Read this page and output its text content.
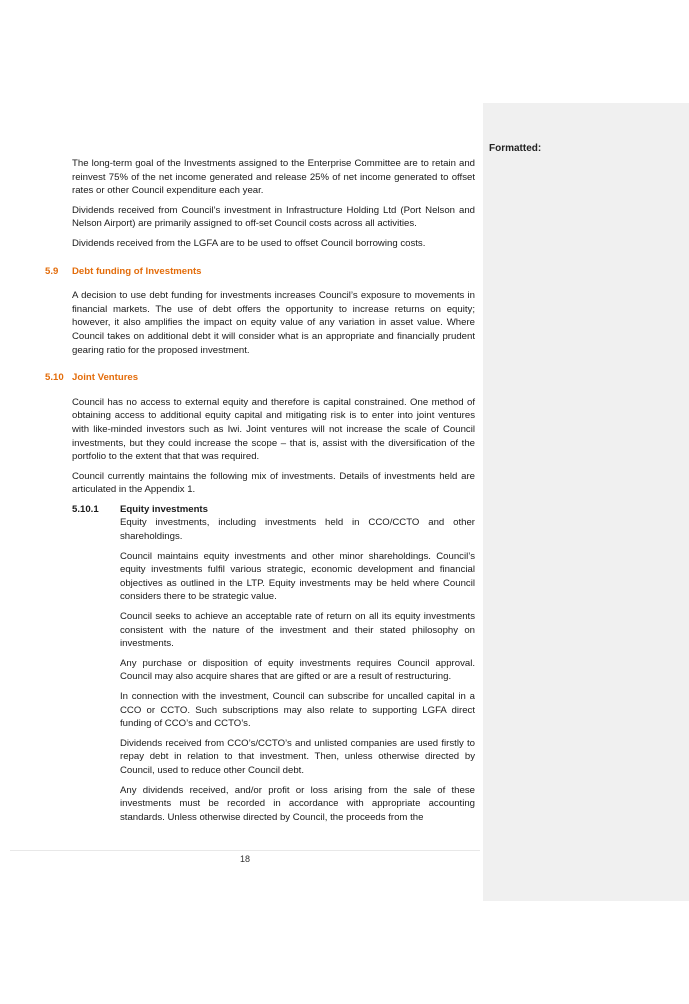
Formatted:

The long-term goal of the Investments assigned to the Enterprise Committee are to retain and reinvest 75% of the net income generated and release 25% of net income generated to offset rates or other Council expenditure each year.

Dividends received from Council’s investment in Infrastructure Holding Ltd (Port Nelson and Nelson Airport) are primarily assigned to off-set Council costs across all activities.

Dividends received from the LGFA are to be used to offset Council borrowing costs.

5.9	Debt funding of Investments

A decision to use debt funding for investments increases Council’s exposure to movements in financial markets. The use of debt offers the opportunity to increase returns on equity; however, it also amplifies the impact on equity value of any variation in asset value. Where Council takes on additional debt it will consider what is an appropriate and financially prudent gearing ratio for the proposed investment.

5.10 Joint Ventures

Council has no access to external equity and therefore is capital constrained. One method of obtaining access to additional equity capital and mitigating risk is to enter into joint ventures with like-minded investors such as Iwi. Joint ventures will not increase the scale of Council investments, but they could increase the scope – that is, assist with the diversification of the portfolio to the extent that that was required.

Council currently maintains the following mix of investments. Details of investments held are articulated in the Appendix 1.

5.10.1	Equity investments

Equity investments, including investments held in CCO/CCTO and other shareholdings.

Council maintains equity investments and other minor shareholdings. Council’s equity investments fulfil various strategic, economic development and financial objectives as outlined in the LTP. Equity investments may be held where Council considers there to be strategic value.

Council seeks to achieve an acceptable rate of return on all its equity investments consistent with the nature of the investment and their stated philosophy on investments.

Any purchase or disposition of equity investments requires Council approval. Council may also acquire shares that are gifted or are a result of restructuring.

In connection with the investment, Council can subscribe for uncalled capital in a CCO or CCTO. Such subscriptions may also relate to supporting LGFA direct funding of CCO’s and CCTO’s.

Dividends received from CCO’s/CCTO’s and unlisted companies are used firstly to repay debt in relation to that investment. Then, unless otherwise directed by Council, used to reduce other Council debt.

Any dividends received, and/or profit or loss arising from the sale of these investments must be recorded in accordance with appropriate accounting standards. Unless otherwise directed by Council, the proceeds from the

18
